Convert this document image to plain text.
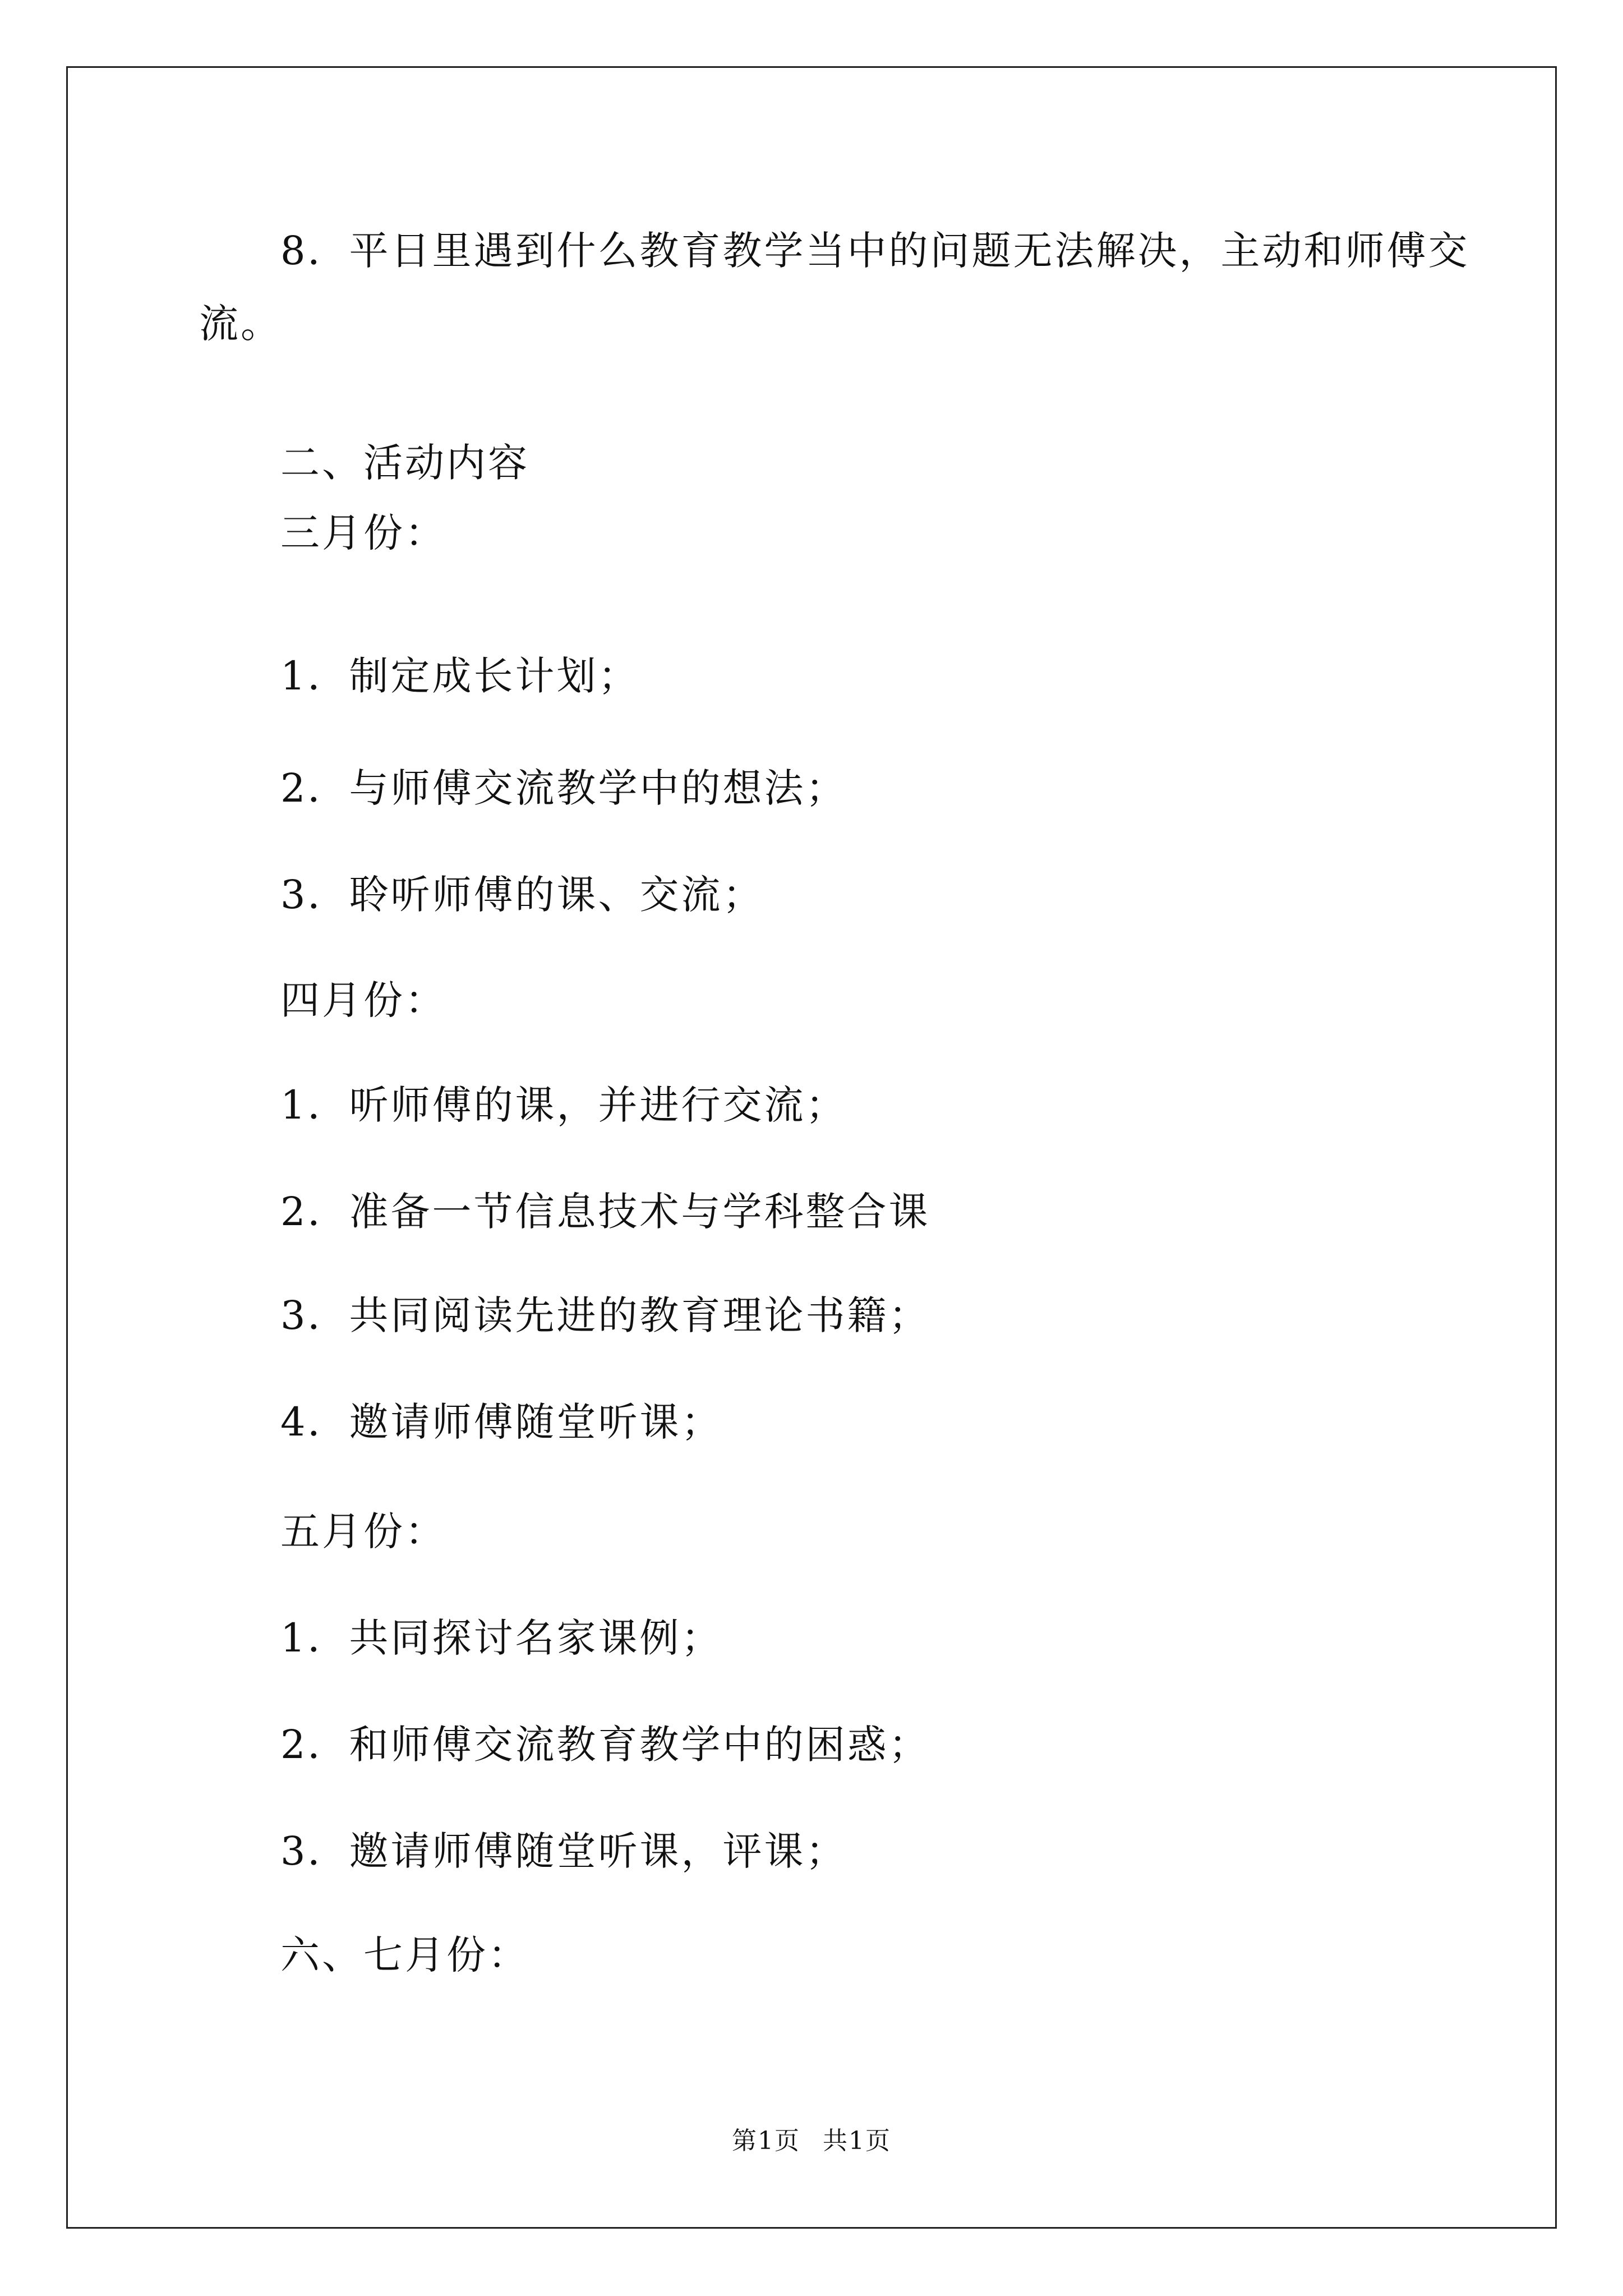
8．平日里遇到什么教育教学当中的问题无法解决，主动和师傅交
流。
二、活动内容
三月份：
1．制定成长计划；
2．与师傅交流教学中的想法；
3．聆听师傅的课、交流；
四月份：
1．听师傅的课，并进行交流；
2．准备一节信息技术与学科整合课
3．共同阅读先进的教育理论书籍；
4．邀请师傅随堂听课；
五月份：
1．共同探讨名家课例；
2．和师傅交流教育教学中的困惑；
3．邀请师傅随堂听课，评课；
六、七月份：
第1页 共1页
